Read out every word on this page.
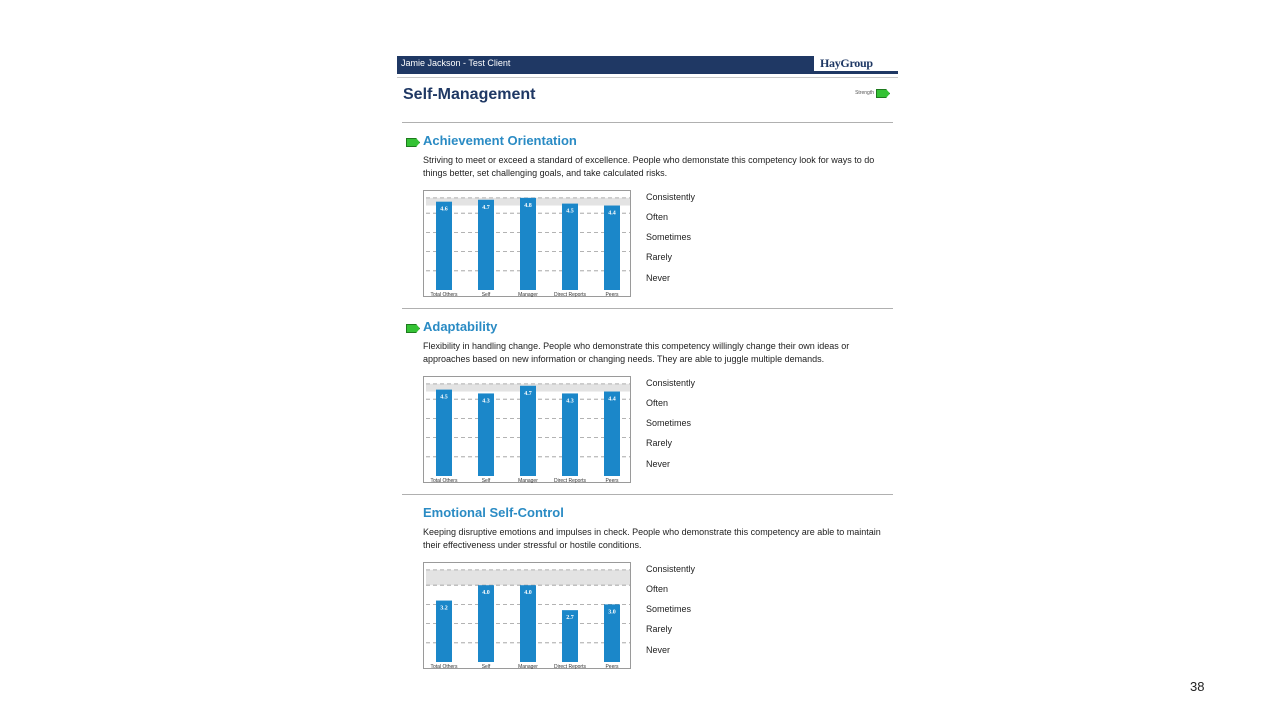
Jamie Jackson - Test Client	HayGroup
Self-Management	Strength
Achievement Orientation
Striving to meet or exceed a standard of excellence. People who demonstate this competency look for ways to do things better, set challenging goals, and take calculated risks.
4.6
Total Others
4.7
Self
4.8
Manager
4.5
Direct Reports
4.4
Peers
Consistently
Often
Sometimes
Rarely
Never
Adaptability
Flexibility in handling change. People who demonstrate this competency willingly change their own ideas or approaches based on new information or changing needs. They are able to juggle multiple demands.
4.5
Total Others
4.3
Self
4.7
Manager
4.3
Direct Reports
4.4
Peers
Consistently
Often
Sometimes
Rarely
Never
Emotional Self-Control
Keeping disruptive emotions and impulses in check. People who demonstrate this competency are able to maintain their effectiveness under stressful or hostile conditions.
3.2
Total Others
4.0
Self
4.0
Manager
2.7
Direct Reports
3.0
Peers
Consistently
Often
Sometimes
Rarely
Never
38
